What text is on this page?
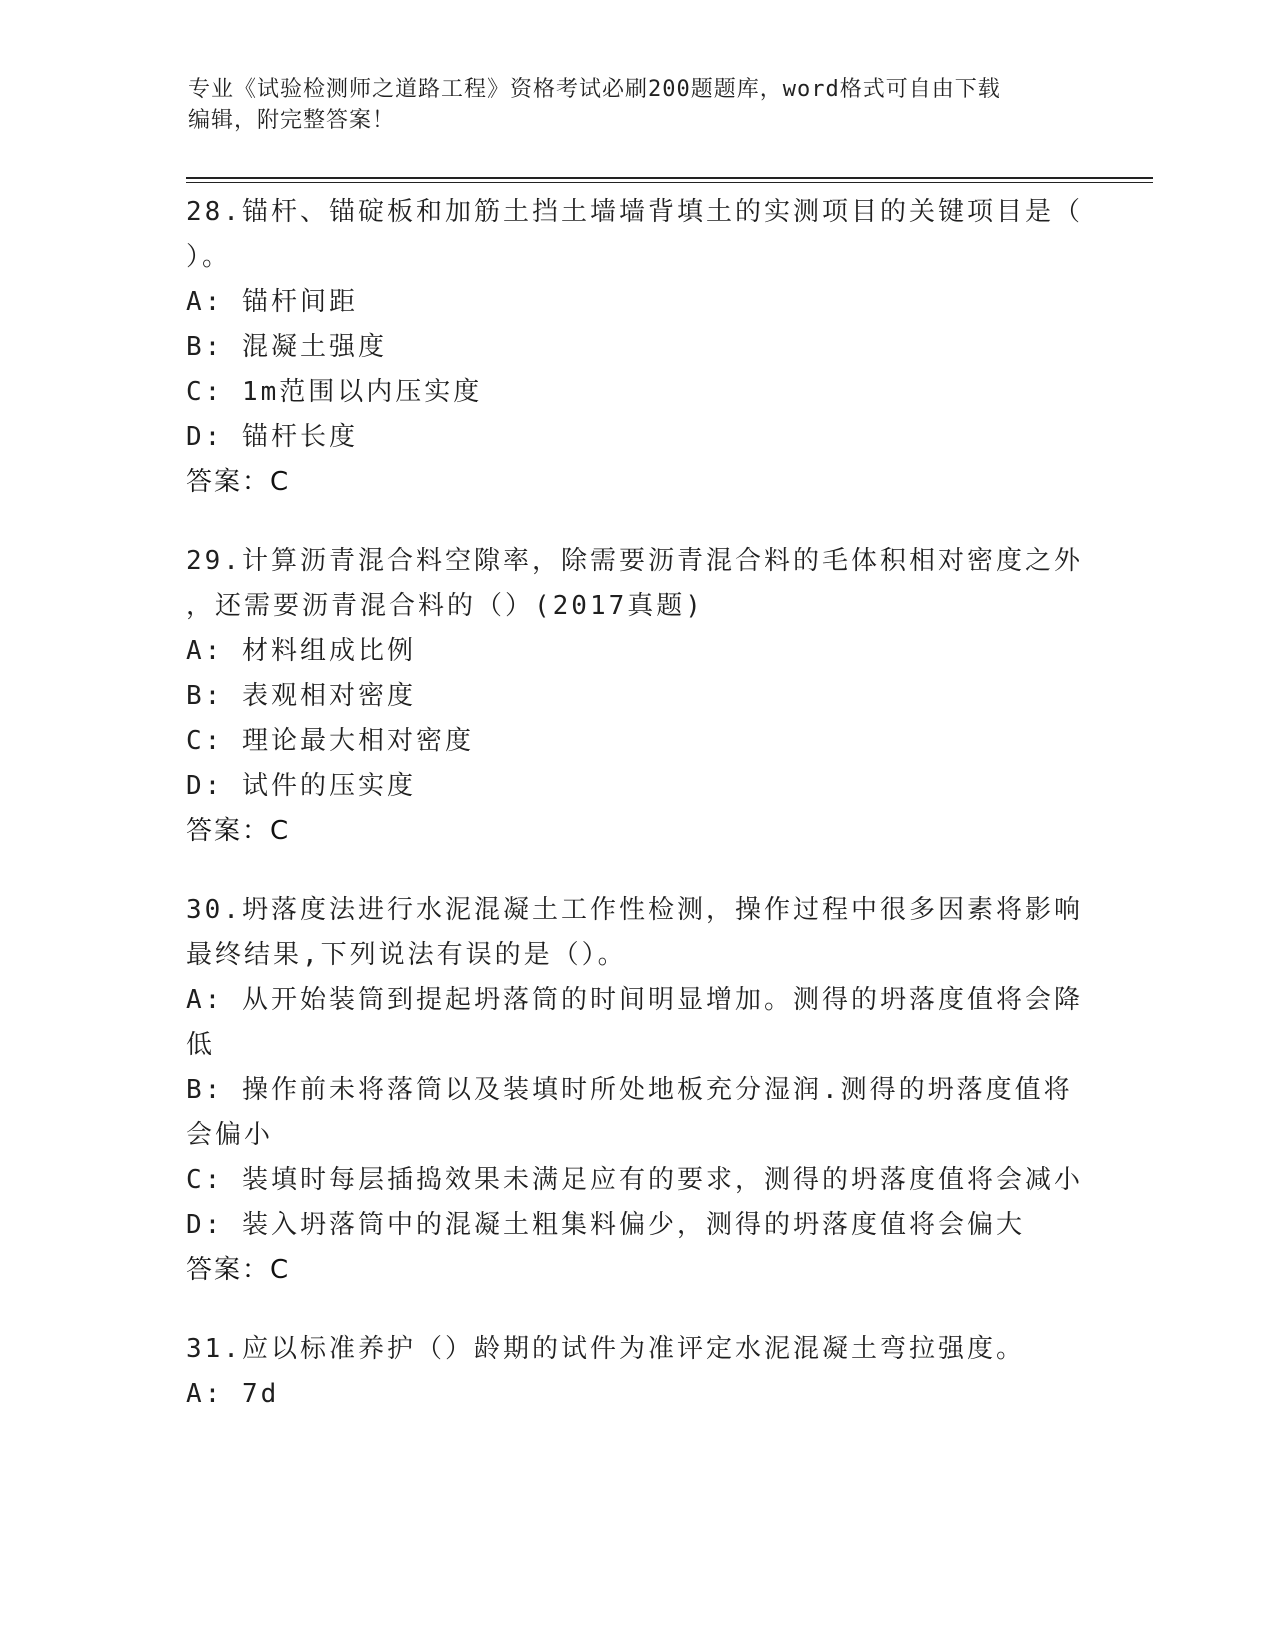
专业《试验检测师之道路工程》资格考试必刷200题题库，word格式可自由下载
编辑，附完整答案！
28.锚杆、锚碇板和加筋土挡土墙墙背填土的实测项目的关键项目是（
）。
A: 锚杆间距
B: 混凝土强度
C: 1m范围以内压实度
D: 锚杆长度
答案：C
29.计算沥青混合料空隙率，除需要沥青混合料的毛体积相对密度之外
，还需要沥青混合料的（）(2017真题)
A: 材料组成比例
B: 表观相对密度
C: 理论最大相对密度
D: 试件的压实度
答案：C
30.坍落度法进行水泥混凝土工作性检测，操作过程中很多因素将影响
最终结果,下列说法有误的是（）。
A: 从开始装筒到提起坍落筒的时间明显增加。测得的坍落度值将会降
低
B: 操作前未将落筒以及装填时所处地板充分湿润.测得的坍落度值将
会偏小
C: 装填时每层插捣效果未满足应有的要求，测得的坍落度值将会减小
D: 装入坍落筒中的混凝土粗集料偏少，测得的坍落度值将会偏大
答案：C
31.应以标准养护（）龄期的试件为准评定水泥混凝土弯拉强度。
A: 7d
